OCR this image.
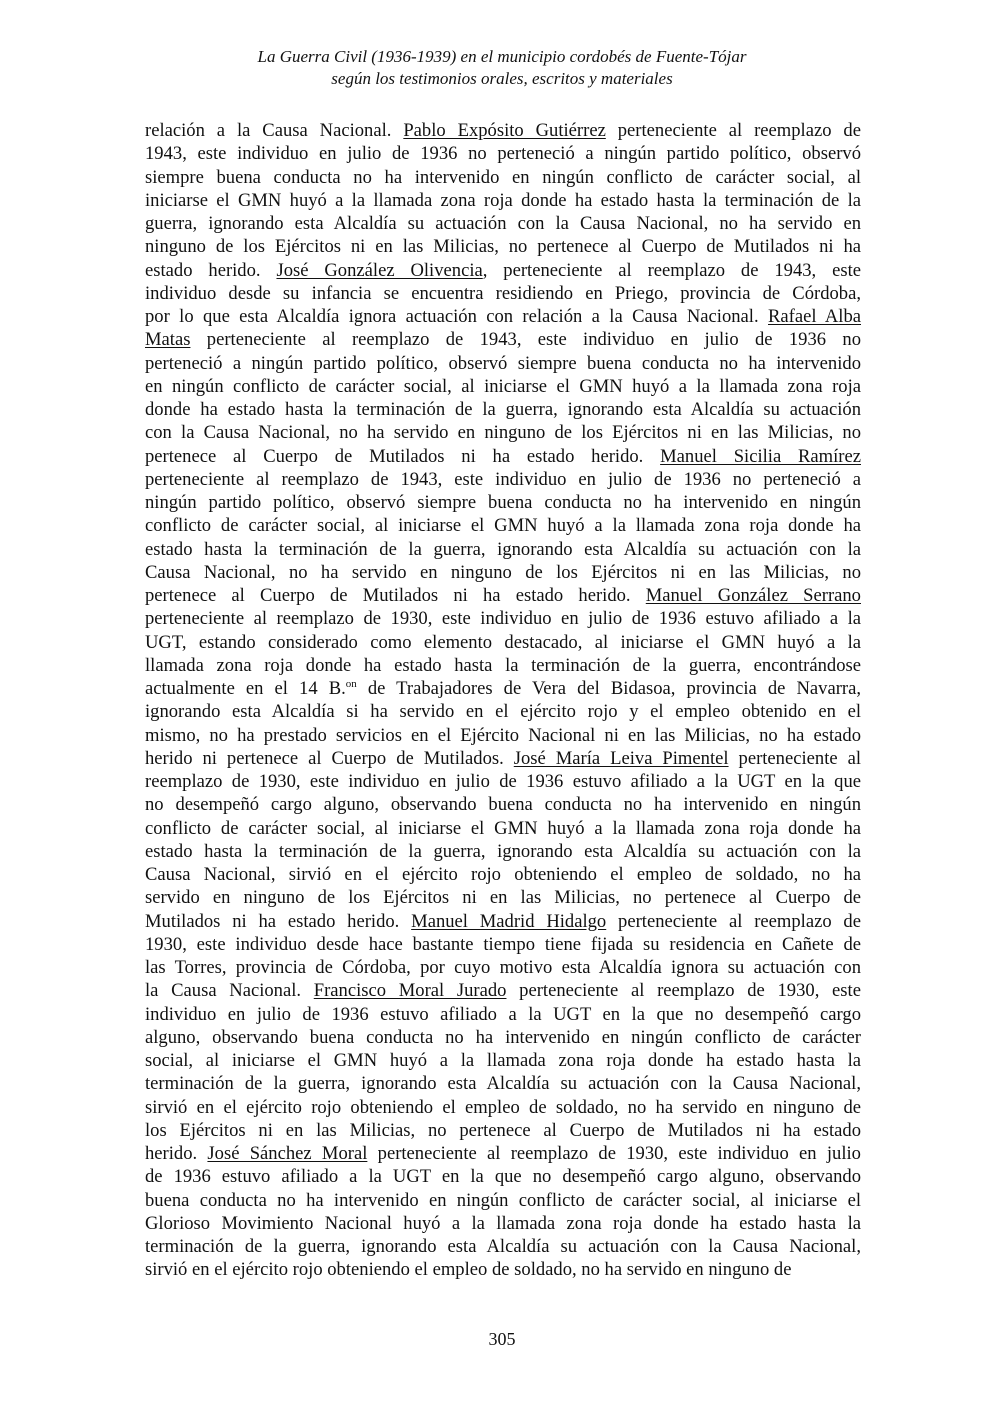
La Guerra Civil (1936-1939) en el municipio cordobés de Fuente-Tójar
según los testimonios orales, escritos y materiales
relación a la Causa Nacional. Pablo Expósito Gutiérrez perteneciente al reemplazo de
1943, este individuo en julio de 1936 no perteneció a ningún partido político, observó
siempre buena conducta no ha intervenido en ningún conflicto de carácter social, al
iniciarse el GMN huyó a la llamada zona roja donde ha estado hasta la terminación de la
guerra, ignorando esta Alcaldía su actuación con la Causa Nacional, no ha servido en
ninguno de los Ejércitos ni en las Milicias, no pertenece al Cuerpo de Mutilados ni ha
estado herido. José González Olivencia, perteneciente al reemplazo de 1943, este
individuo desde su infancia se encuentra residiendo en Priego, provincia de Córdoba,
por lo que esta Alcaldía ignora actuación con relación a la Causa Nacional. Rafael Alba
Matas perteneciente al reemplazo de 1943, este individuo en julio de 1936 no
perteneció a ningún partido político, observó siempre buena conducta no ha intervenido
en ningún conflicto de carácter social, al iniciarse el GMN huyó a la llamada zona roja
donde ha estado hasta la terminación de la guerra, ignorando esta Alcaldía su actuación
con la Causa Nacional, no ha servido en ninguno de los Ejércitos ni en las Milicias, no
pertenece al Cuerpo de Mutilados ni ha estado herido. Manuel Sicilia Ramírez
perteneciente al reemplazo de 1943, este individuo en julio de 1936 no perteneció a
ningún partido político, observó siempre buena conducta no ha intervenido en ningún
conflicto de carácter social, al iniciarse el GMN huyó a la llamada zona roja donde ha
estado hasta la terminación de la guerra, ignorando esta Alcaldía su actuación con la
Causa Nacional, no ha servido en ninguno de los Ejércitos ni en las Milicias, no
pertenece al Cuerpo de Mutilados ni ha estado herido. Manuel González Serrano
perteneciente al reemplazo de 1930, este individuo en julio de 1936 estuvo afiliado a la
UGT, estando considerado como elemento destacado, al iniciarse el GMN huyó a la
llamada zona roja donde ha estado hasta la terminación de la guerra, encontrándose
actualmente en el 14 B.$^{on}$ de Trabajadores de Vera del Bidasoa, provincia de Navarra,
ignorando esta Alcaldía si ha servido en el ejército rojo y el empleo obtenido en el
mismo, no ha prestado servicios en el Ejército Nacional ni en las Milicias, no ha estado
herido ni pertenece al Cuerpo de Mutilados. José María Leiva Pimentel perteneciente al
reemplazo de 1930, este individuo en julio de 1936 estuvo afiliado a la UGT en la que
no desempeñó cargo alguno, observando buena conducta no ha intervenido en ningún
conflicto de carácter social, al iniciarse el GMN huyó a la llamada zona roja donde ha
estado hasta la terminación de la guerra, ignorando esta Alcaldía su actuación con la
Causa Nacional, sirvió en el ejército rojo obteniendo el empleo de soldado, no ha
servido en ninguno de los Ejércitos ni en las Milicias, no pertenece al Cuerpo de
Mutilados ni ha estado herido. Manuel Madrid Hidalgo perteneciente al reemplazo de
1930, este individuo desde hace bastante tiempo tiene fijada su residencia en Cañete de
las Torres, provincia de Córdoba, por cuyo motivo esta Alcaldía ignora su actuación con
la Causa Nacional. Francisco Moral Jurado perteneciente al reemplazo de 1930, este
individuo en julio de 1936 estuvo afiliado a la UGT en la que no desempeñó cargo
alguno, observando buena conducta no ha intervenido en ningún conflicto de carácter
social, al iniciarse el GMN huyó a la llamada zona roja donde ha estado hasta la
terminación de la guerra, ignorando esta Alcaldía su actuación con la Causa Nacional,
sirvió en el ejército rojo obteniendo el empleo de soldado, no ha servido en ninguno de
los Ejércitos ni en las Milicias, no pertenece al Cuerpo de Mutilados ni ha estado
herido. José Sánchez Moral perteneciente al reemplazo de 1930, este individuo en julio
de 1936 estuvo afiliado a la UGT en la que no desempeñó cargo alguno, observando
buena conducta no ha intervenido en ningún conflicto de carácter social, al iniciarse el
Glorioso Movimiento Nacional huyó a la llamada zona roja donde ha estado hasta la
terminación de la guerra, ignorando esta Alcaldía su actuación con la Causa Nacional,
sirvió en el ejército rojo obteniendo el empleo de soldado, no ha servido en ninguno de
305
